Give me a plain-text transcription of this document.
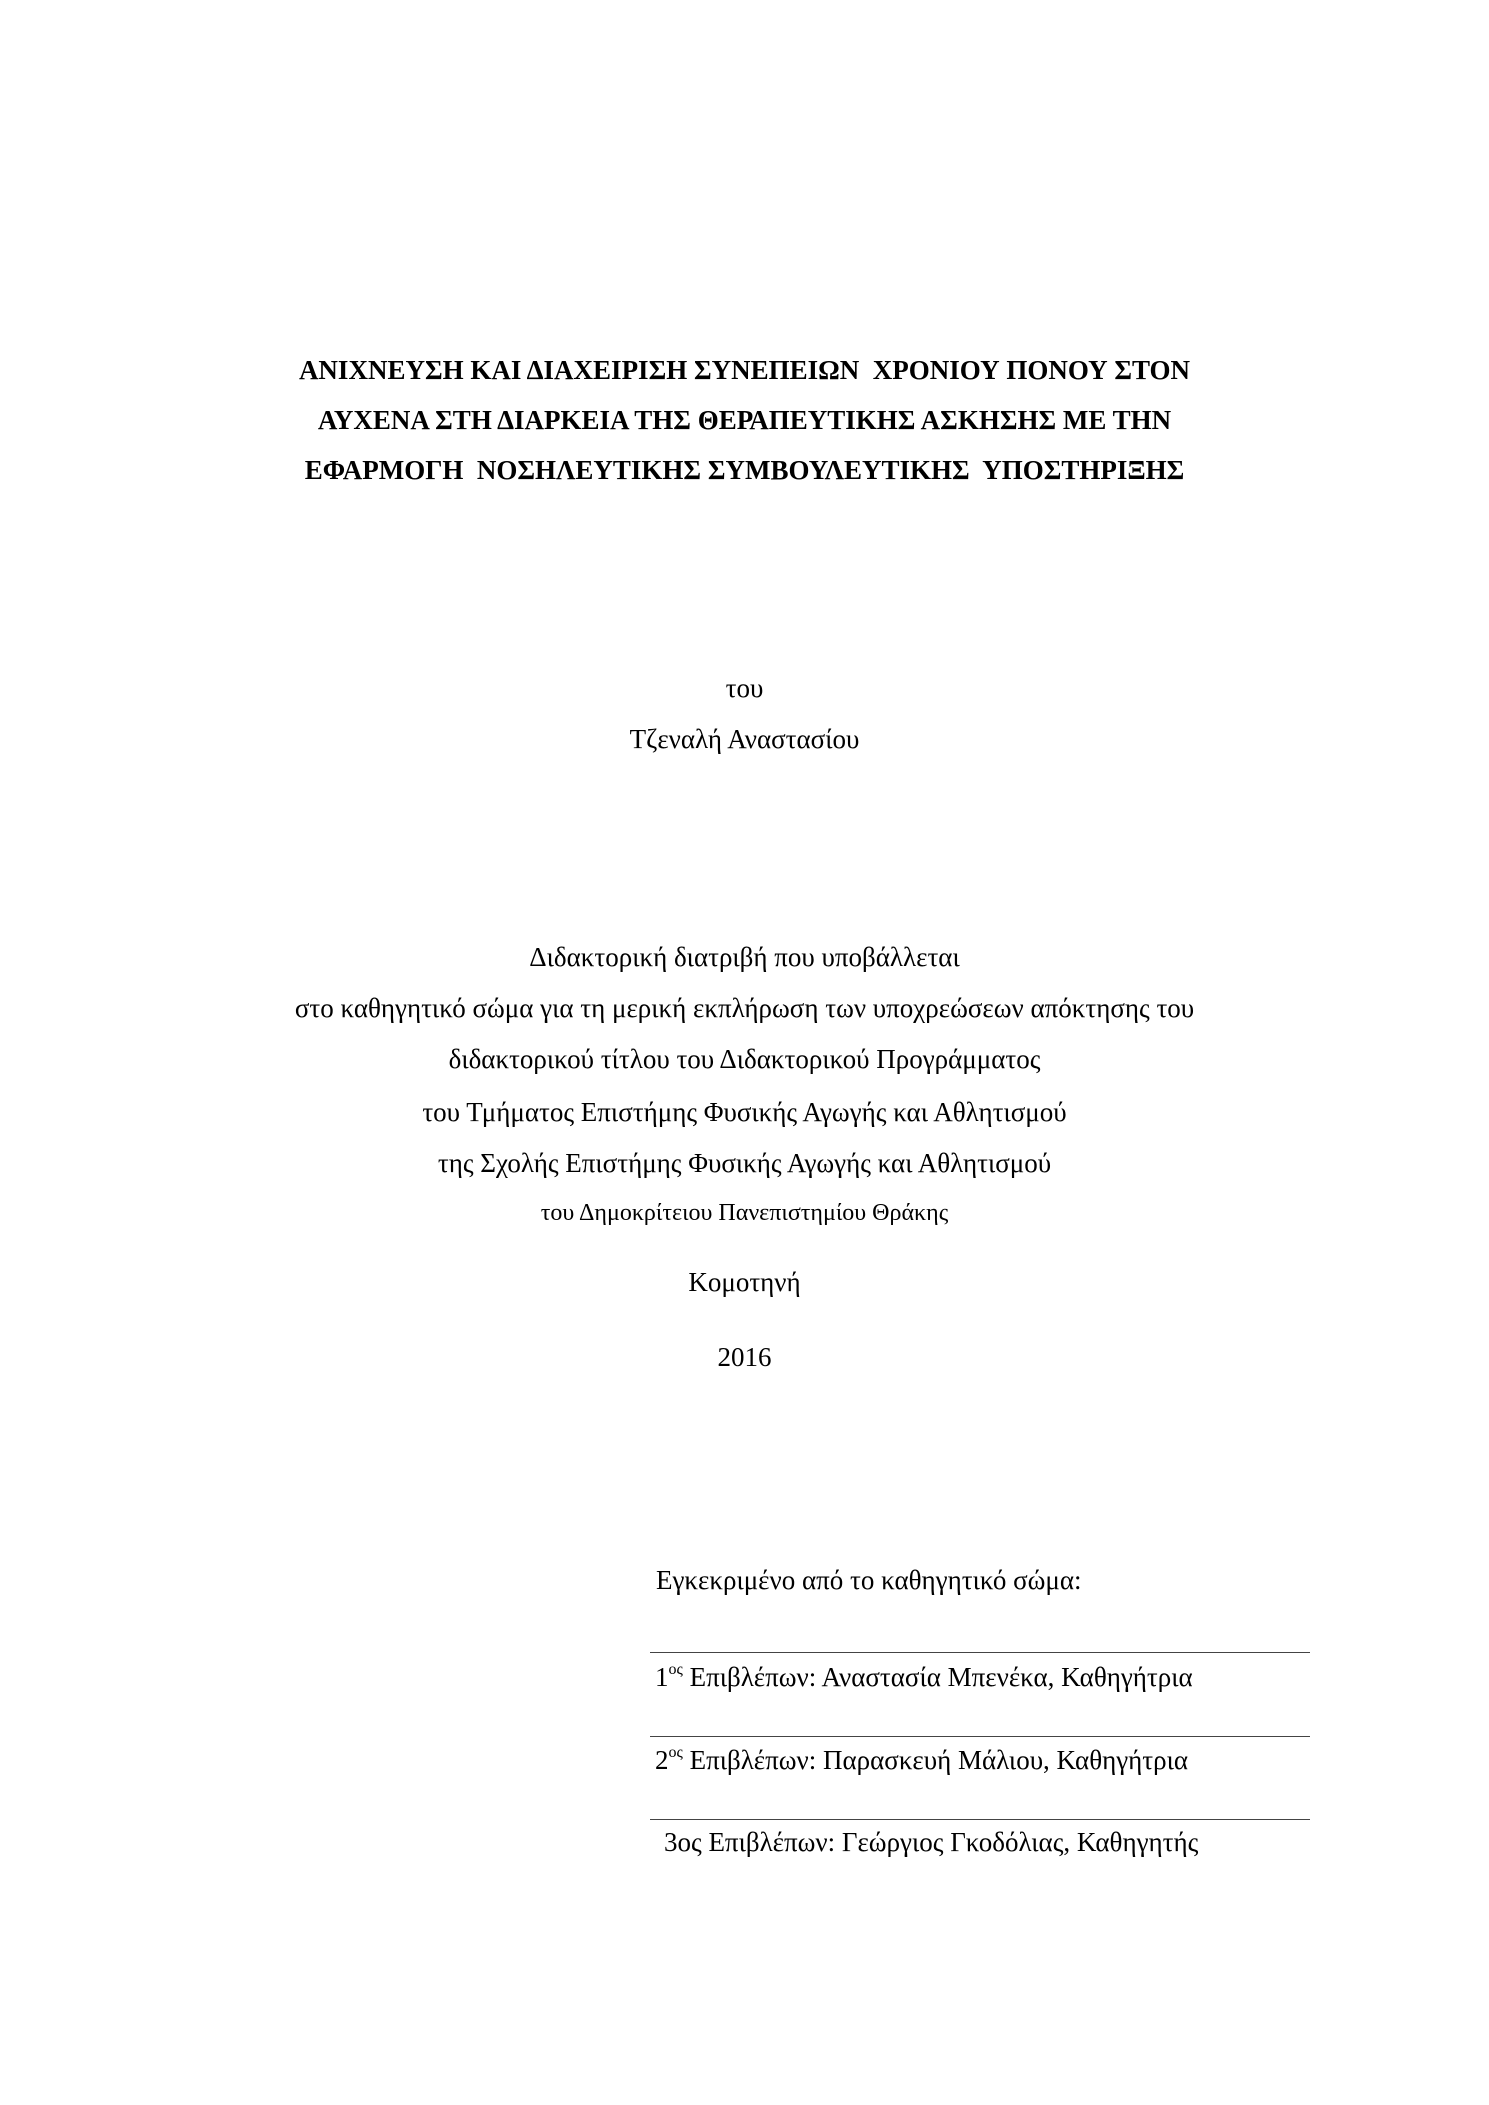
ΑΝΙΧΝΕΥΣΗ ΚΑΙ ΔΙΑΧΕΙΡΙΣΗ ΣΥΝΕΠΕΙΩΝ  ΧΡΟΝΙΟΥ ΠΟΝΟΥ ΣΤΟΝ
ΑΥΧΕΝΑ ΣΤΗ ΔΙΑΡΚΕΙΑ ΤΗΣ ΘΕΡΑΠΕΥΤΙΚΗΣ ΑΣΚΗΣΗΣ ΜΕ ΤΗΝ
ΕΦΑΡΜΟΓΗ  ΝΟΣΗΛΕΥΤΙΚΗΣ ΣΥΜΒΟΥΛΕΥΤΙΚΗΣ  ΥΠΟΣΤΗΡΙΞΗΣ
του
Τζεναλή Αναστασίου
Διδακτορική διατριβή που υποβάλλεται
στο καθηγητικό σώμα για τη μερική εκπλήρωση των υποχρεώσεων απόκτησης του
διδακτορικού τίτλου του Διδακτορικού Προγράμματος
του Τμήματος Επιστήμης Φυσικής Αγωγής και Αθλητισμού
της Σχολής Επιστήμης Φυσικής Αγωγής και Αθλητισμού
του Δημοκρίτειου Πανεπιστημίου Θράκης
Κομοτηνή
2016
Εγκεκριμένο από το καθηγητικό σώμα:
$1^{o\varsigma}$ Επιβλέπων: Αναστασία Μπενέκα, Καθηγήτρια
$2^{o\varsigma}$ Επιβλέπων: Παρασκευή Μάλιου, Καθηγήτρια
3ος Επιβλέπων: Γεώργιος Γκοδόλιας, Καθηγητής
